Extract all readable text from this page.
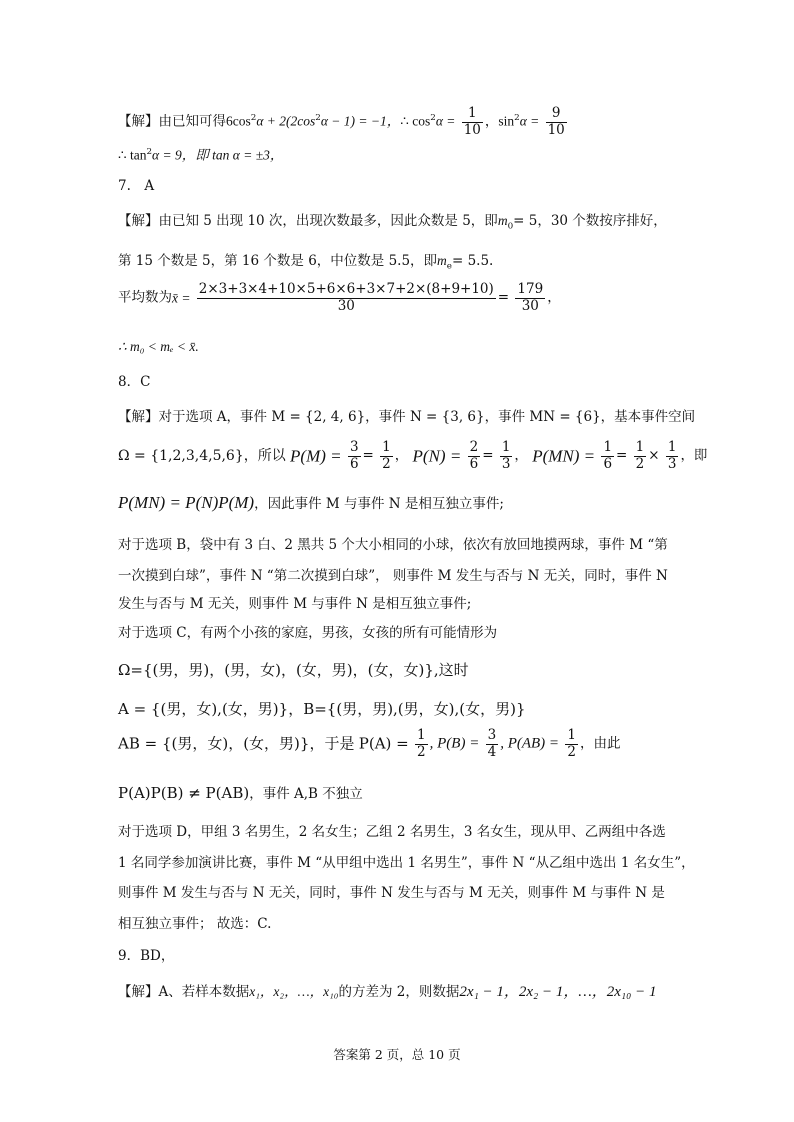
【解】由已知可得$6\cos^2\alpha + 2(2\cos^2\alpha - 1) = -1$，∴ $\cos^2\alpha = \frac{1}{10}$ ，$\sin^2\alpha = \frac{9}{10}$
∴ $\tan^2\alpha = 9$，即 tan α = ±3，
7.　A
【解】由已知 5 出现 10 次，出现次数最多，因此众数是 5，即$m_0= 5$，30 个数按序排好，
第 15 个数是 5，第 16 个数是 6，中位数是 5.5，即$m_e= 5.5$.
平均数为x̄ = $\frac{2\times 3+3\times 4+10\times 5+6\times 6+3\times 7+2\times(8+9+10)}{30} = \frac{179}{30}$ ，
∴ m₀ < mₑ < x̄.
8．C
【解】对于选项 A，事件 M = {2, 4, 6}，事件 N = {3, 6}，事件 MN = {6}，基本事件空间
Ω = {1,2,3,4,5,6}，所以 $P(M) = \frac{3}{6} = \frac{1}{2}$ ， $P(N) = \frac{2}{6} = \frac{1}{3}$ ， $P(MN) = \frac{1}{6} = \frac{1}{2} \times \frac{1}{3}$ ，即
P(MN) = P(N)P(M)，因此事件 M 与事件 N 是相互独立事件;
对于选项 B，袋中有 3 白、2 黑共 5 个大小相同的小球，依次有放回地摸两球，事件 M “第
一次摸到白球”，事件 N “第二次摸到白球”， 则事件 M 发生与否与 N 无关，同时，事件 N
发生与否与 M 无关，则事件 M 与事件 N 是相互独立事件;
对于选项 C，有两个小孩的家庭，男孩，女孩的所有可能情形为
Ω={(男，男)，(男，女)，(女，男)，(女，女)},这时
A = {(男，女),(女，男)}，B={(男，男),(男，女),(女，男)}
AB = {(男，女)，(女，男)}，于是 $P(A) = \frac{1}{2}$ , $P(B) = \frac{3}{4}$ , $P(AB) = \frac{1}{2}$ ，由此
P(A)P(B) ≠ P(AB)，事件 A,B 不独立
对于选项 D，甲组 3 名男生，2 名女生；乙组 2 名男生，3 名女生，现从甲、乙两组中各选
1 名同学参加演讲比赛，事件 M “从甲组中选出 1 名男生”，事件 N “从乙组中选出 1 名女生”，
则事件 M 发生与否与 N 无关，同时，事件 N 发生与否与 M 无关，则事件 M 与事件 N 是
相互独立事件； 故选：C.
9．BD，
【解】A、若样本数据x₁，x₂，…，x₁₀的方差为 2，则数据2x₁ − 1，2x₂ − 1，…，2x₁₀ − 1
答案第 2 页，总 10 页
